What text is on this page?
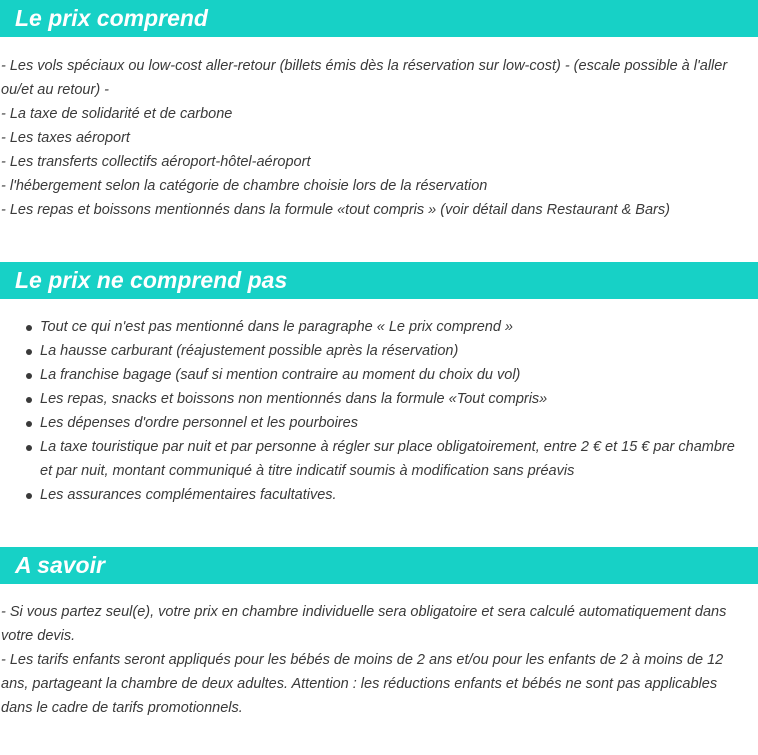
Le prix comprend
- Les vols spéciaux ou low-cost aller-retour (billets émis dès la réservation sur low-cost) - (escale possible à l'aller ou/et au retour) -
- La taxe de solidarité et de carbone
- Les taxes aéroport
- Les transferts collectifs aéroport-hôtel-aéroport
- l'hébergement selon la catégorie de chambre choisie lors de la réservation
- Les repas et boissons mentionnés dans la formule «tout compris » (voir détail dans Restaurant & Bars)
Le prix ne comprend pas
Tout ce qui n'est pas mentionné dans le paragraphe « Le prix comprend »
La hausse carburant (réajustement possible après la réservation)
La franchise bagage (sauf si mention contraire au moment du choix du vol)
Les repas, snacks et boissons non mentionnés dans la formule «Tout compris»
Les dépenses d'ordre personnel et les pourboires
La taxe touristique par nuit et par personne à régler sur place obligatoirement, entre 2 € et 15 € par chambre et par nuit, montant communiqué à titre indicatif soumis à modification sans préavis
Les assurances complémentaires facultatives.
A savoir
- Si vous partez seul(e), votre prix en chambre individuelle sera obligatoire et sera calculé automatiquement dans votre devis.
- Les tarifs enfants seront appliqués pour les bébés de moins de 2 ans et/ou pour les enfants de 2 à moins de 12 ans, partageant la chambre de deux adultes. Attention : les réductions enfants et bébés ne sont pas applicables dans le cadre de tarifs promotionnels.
